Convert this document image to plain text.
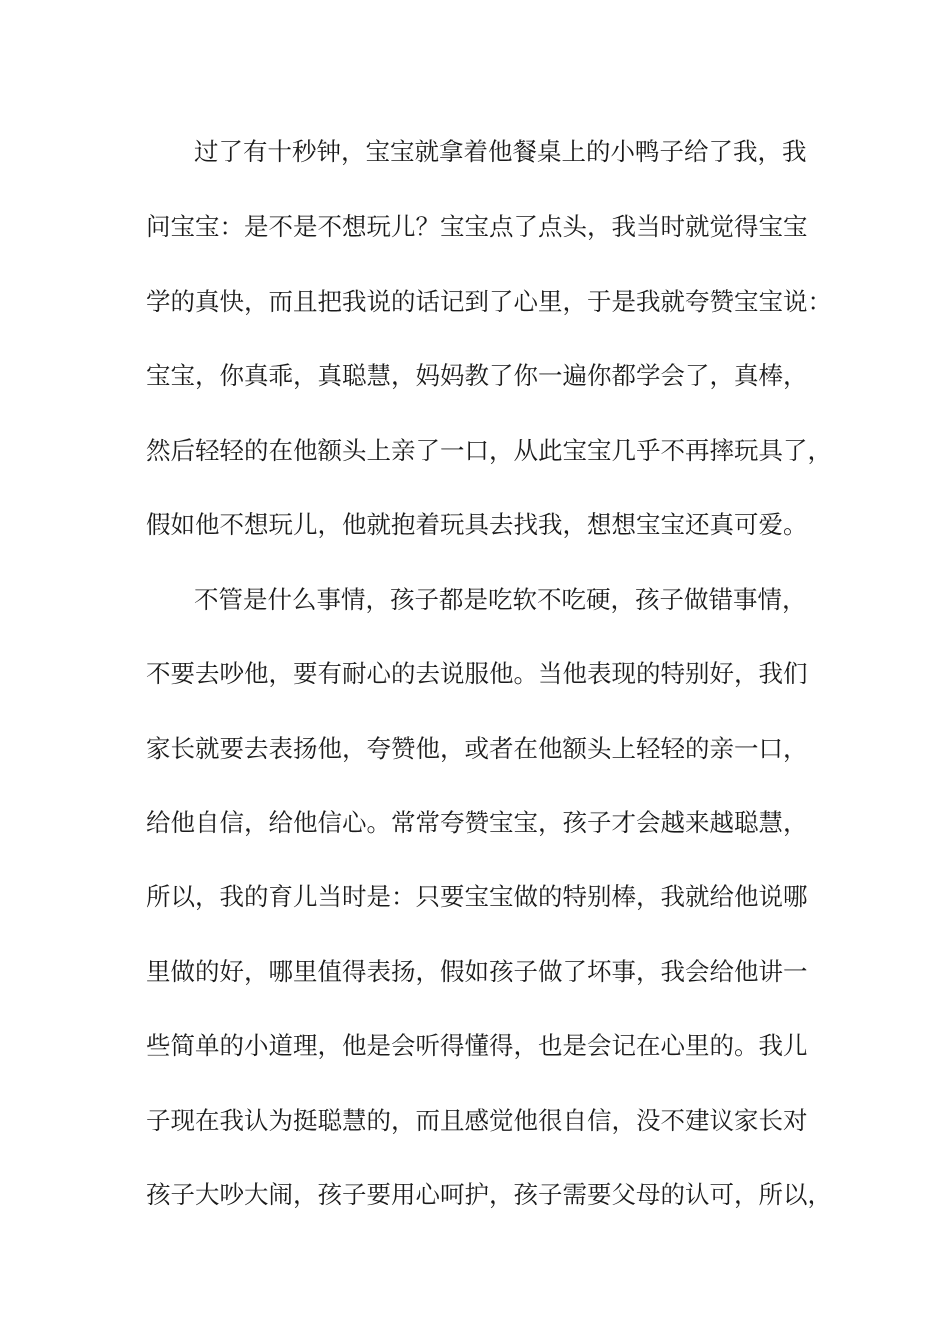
过了有十秒钟，宝宝就拿着他餐桌上的小鸭子给了我，我
问宝宝：是不是不想玩儿？宝宝点了点头，我当时就觉得宝宝
学的真快，而且把我说的话记到了心里，于是我就夸赞宝宝说：
宝宝，你真乖，真聪慧，妈妈教了你一遍你都学会了，真棒，
然后轻轻的在他额头上亲了一口，从此宝宝几乎不再摔玩具了，
假如他不想玩儿，他就抱着玩具去找我，想想宝宝还真可爱。
不管是什么事情，孩子都是吃软不吃硬，孩子做错事情，
不要去吵他，要有耐心的去说服他。当他表现的特别好，我们
家长就要去表扬他，夸赞他，或者在他额头上轻轻的亲一口，
给他自信，给他信心。常常夸赞宝宝，孩子才会越来越聪慧，
所以，我的育儿当时是：只要宝宝做的特别棒，我就给他说哪
里做的好，哪里值得表扬，假如孩子做了坏事，我会给他讲一
些简单的小道理，他是会听得懂得，也是会记在心里的。我儿
子现在我认为挺聪慧的，而且感觉他很自信，没不建议家长对
孩子大吵大闹，孩子要用心呵护，孩子需要父母的认可，所以，
